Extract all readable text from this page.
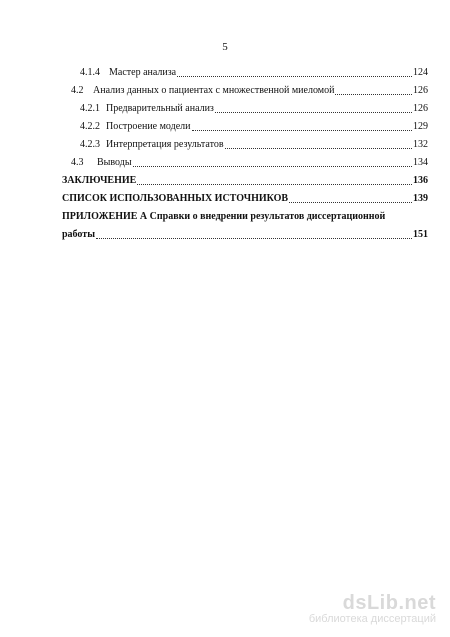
5
4.1.4 Мастер анализа	124
4.2 Анализ данных о пациентах с множественной миеломой	126
4.2.1 Предварительный анализ	126
4.2.2 Построение модели	129
4.2.3 Интерпретация результатов	132
4.3	Выводы	134
ЗАКЛЮЧЕНИЕ	136
СПИСОК ИСПОЛЬЗОВАННЫХ ИСТОЧНИКОВ	139
ПРИЛОЖЕНИЕ А Справки о внедрении результатов диссертационной
работы	151
dsLib.net
библиотека диссертаций
